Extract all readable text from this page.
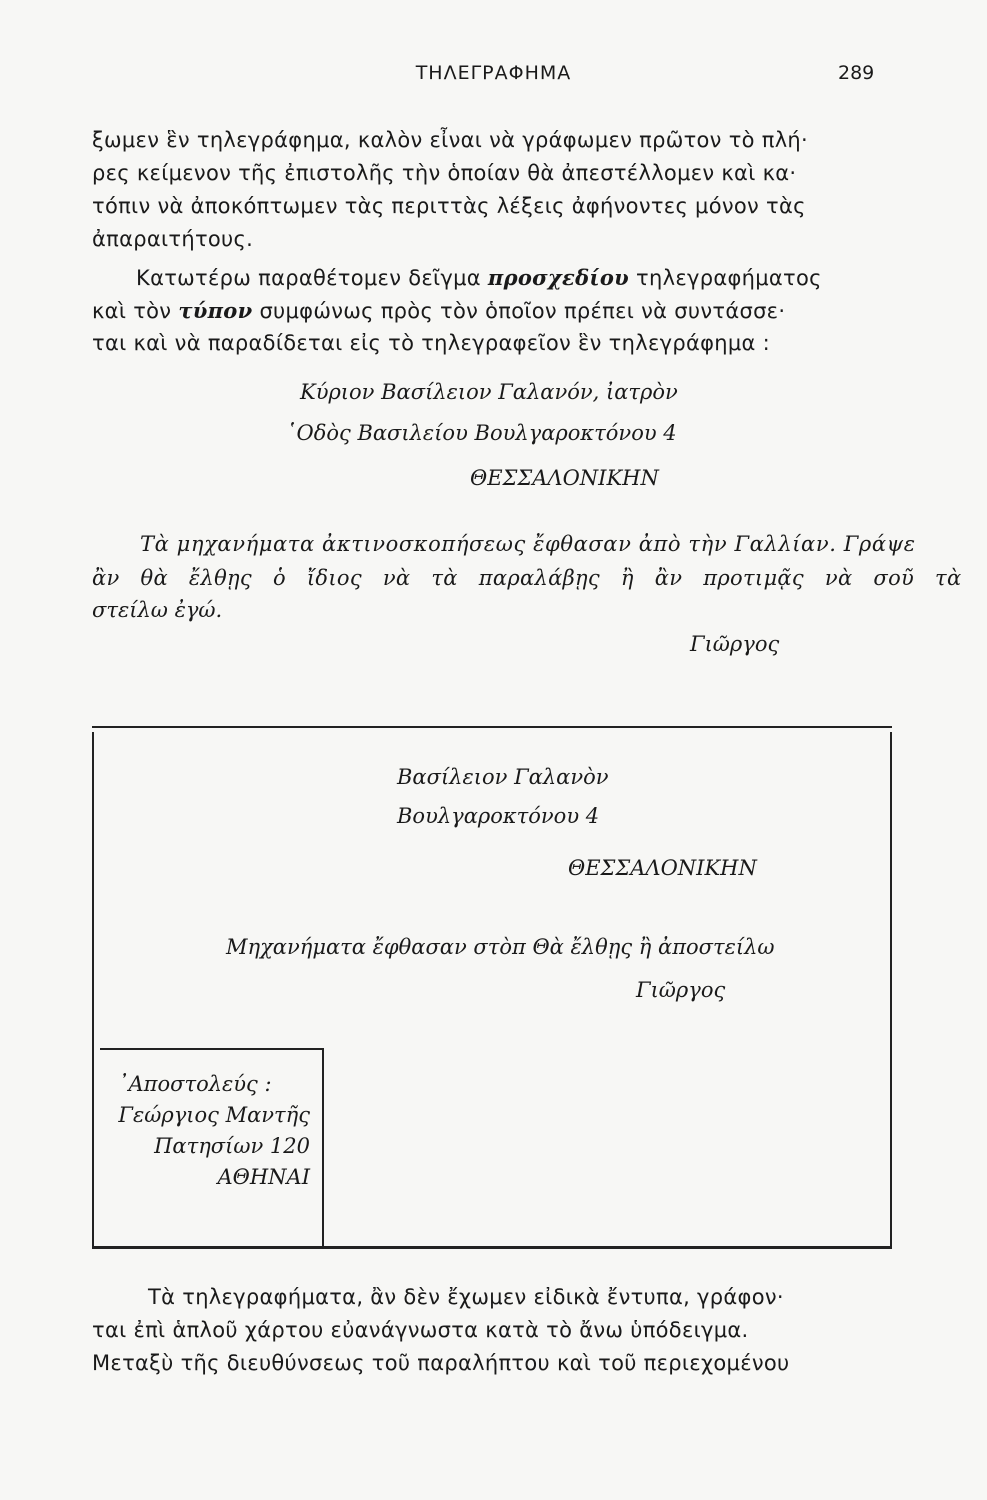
ΤΗΛΕΓΡΑΦΗΜΑ	289
ξωμεν ἓν τηλεγράφημα, καλὸν εἶναι νὰ γράφωμεν πρῶτον τὸ πλή·
ρες κείμενον τῆς ἐπιστολῆς τὴν ὁποίαν θὰ ἀπεστέλλομεν καὶ κα·
τόπιν νὰ ἀποκόπτωμεν τὰς περιττὰς λέξεις ἀφήνοντες μόνον τὰς
ἀπαραιτήτους.
Κατωτέρω παραθέτομεν δεῖγμα προσχεδίου τηλεγραφήματος
καὶ τὸν τύπον συμφώνως πρὸς τὸν ὁποῖον πρέπει νὰ συντάσσε·
ται καὶ νὰ παραδίδεται εἰς τὸ τηλεγραφεῖον ἓν τηλεγράφημα :
Κύριον Βασίλειον Γαλανόν, ἰατρὸν
῾Οδὸς Βασιλείου Βουλγαροκτόνου 4
ΘΕΣΣΑΛΟΝΙΚΗΝ
Τὰ μηχανήματα ἀκτινοσκοπήσεως ἔφθασαν ἀπὸ τὴν Γαλλίαν. Γράψε
ἂν θὰ ἔλθῃς ὁ ἴδιος νὰ τὰ παραλάβῃς ἢ ἂν προτιμᾷς νὰ σοῦ τὰ
στείλω ἐγώ.
Γιῶργος
Βασίλειον Γαλανὸν
Βουλγαροκτόνου 4
ΘΕΣΣΑΛΟΝΙΚΗΝ
Μηχανήματα ἔφθασαν στὸπ Θὰ ἔλθῃς ἢ ἀποστείλω
Γιῶργος
᾿Αποστολεύς :
Γεώργιος Μαντῆς
Πατησίων 120
ΑΘΗΝΑΙ
Τὰ τηλεγραφήματα, ἂν δὲν ἔχωμεν εἰδικὰ ἔντυπα, γράφον·
ται ἐπὶ ἁπλοῦ χάρτου εὐανάγνωστα κατὰ τὸ ἄνω ὑπόδειγμα.
Μεταξὺ τῆς διευθύνσεως τοῦ παραλήπτου καὶ τοῦ περιεχομένου
